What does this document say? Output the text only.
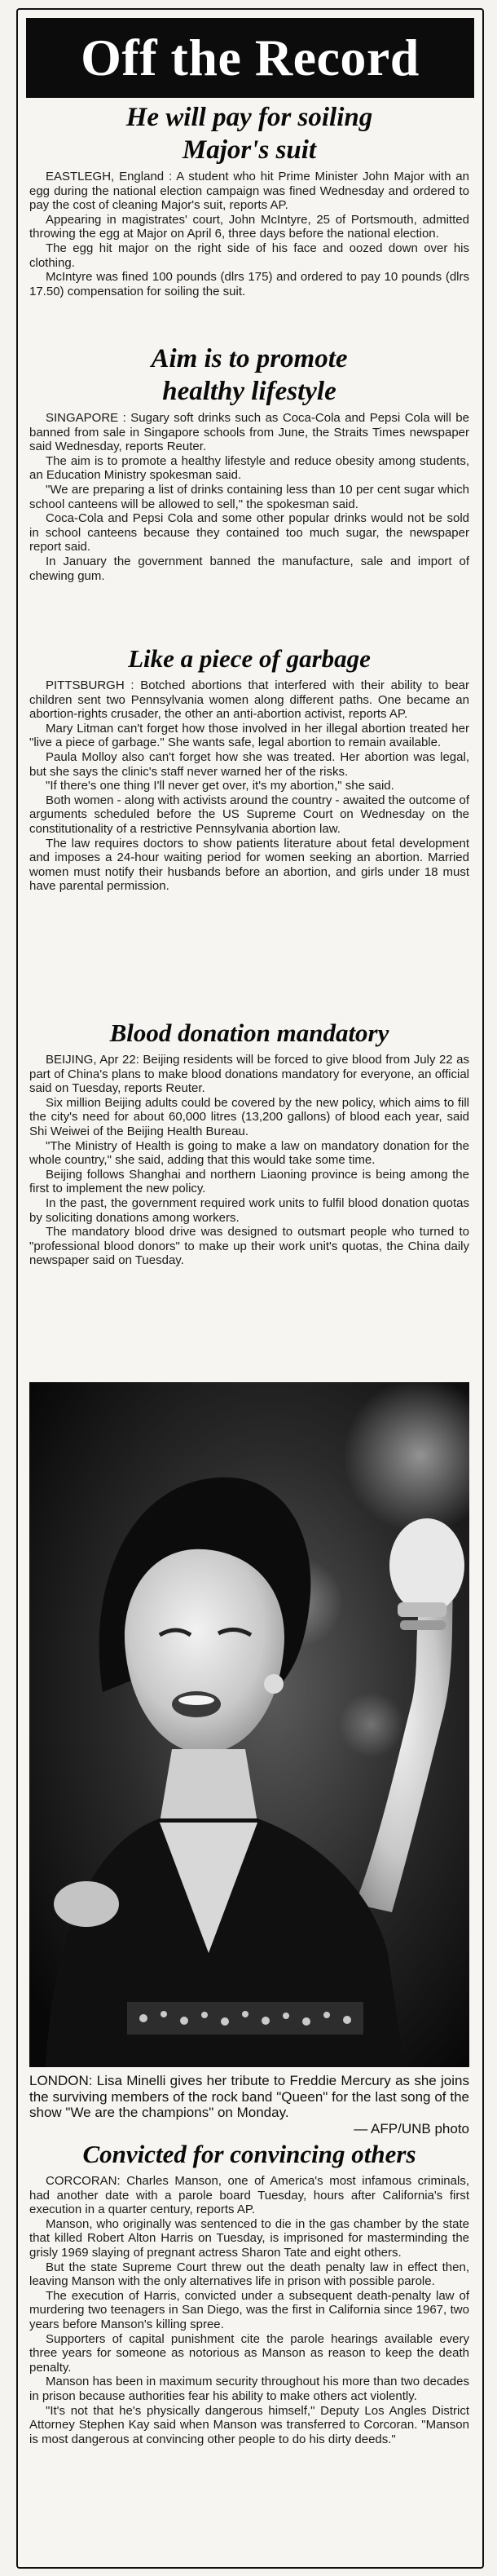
Off the Record
He will pay for soiling
Major's suit

EASTLEGH, England : A student who hit Prime Minister John Major with an egg during the national election campaign was fined Wednesday and ordered to pay the cost of cleaning Major's suit, reports AP.

Appearing in magistrates' court, John McIntyre, 25 of Portsmouth, admitted throwing the egg at Major on April 6, three days before the national election.

The egg hit major on the right side of his face and oozed down over his clothing.

McIntyre was fined 100 pounds (dlrs 175) and ordered to pay 10 pounds (dlrs 17.50) compensation for soiling the suit.

Aim is to promote
healthy lifestyle

SINGAPORE : Sugary soft drinks such as Coca-Cola and Pepsi Cola will be banned from sale in Singapore schools from June, the Straits Times newspaper said Wednesday, reports Reuter.

The aim is to promote a healthy lifestyle and reduce obesity among students, an Education Ministry spokesman said.

"We are preparing a list of drinks containing less than 10 per cent sugar which school canteens will be allowed to sell," the spokesman said.

Coca-Cola and Pepsi Cola and some other popular drinks would not be sold in school canteens because they contained too much sugar, the newspaper report said.

In January the government banned the manufacture, sale and import of chewing gum.

Like a piece of garbage

PITTSBURGH : Botched abortions that interfered with their ability to bear children sent two Pennsylvania women along different paths. One became an abortion-rights crusader, the other an anti-abortion activist, reports AP.

Mary Litman can't forget how those involved in her illegal abortion treated her "live a piece of garbage." She wants safe, legal abortion to remain available.

Paula Molloy also can't forget how she was treated. Her abortion was legal, but she says the clinic's staff never warned her of the risks.

"If there's one thing I'll never get over, it's my abortion," she said.

Both women - along with activists around the country - awaited the outcome of arguments scheduled before the US Supreme Court on Wednesday on the constitutionality of a restrictive Pennsylvania abortion law.

The law requires doctors to show patients literature about fetal development and imposes a 24-hour waiting period for women seeking an abortion. Married women must notify their husbands before an abortion, and girls under 18 must have parental permission.

Blood donation mandatory

BEIJING, Apr 22: Beijing residents will be forced to give blood from July 22 as part of China's plans to make blood donations mandatory for everyone, an official said on Tuesday, reports Reuter.

Six million Beijing adults could be covered by the new policy, which aims to fill the city's need for about 60,000 litres (13,200 gallons) of blood each year, said Shi Weiwei of the Beijing Health Bureau.

"The Ministry of Health is going to make a law on mandatory donation for the whole country," she said, adding that this would take some time.

Beijing follows Shanghai and northern Liaoning province is being among the first to implement the new policy.

In the past, the government required work units to fulfil blood donation quotas by soliciting donations among workers.

The mandatory blood drive was designed to outsmart people who turned to "professional blood donors" to make up their work unit's quotas, the China daily newspaper said on Tuesday.

LONDON: Lisa Minelli gives her tribute to Freddie Mercury as she joins the surviving members of the rock band "Queen" for the last song of the show "We are the champions" on Monday.
— AFP/UNB photo
Convicted for convincing others

CORCORAN: Charles Manson, one of America's most infamous criminals, had another date with a parole board Tuesday, hours after California's first execution in a quarter century, reports AP.

Manson, who originally was sentenced to die in the gas chamber by the state that killed Robert Alton Harris on Tuesday, is imprisoned for masterminding the grisly 1969 slaying of pregnant actress Sharon Tate and eight others.

But the state Supreme Court threw out the death penalty law in effect then, leaving Manson with the only alternatives life in prison with possible parole.

The execution of Harris, convicted under a subsequent death-penalty law of murdering two teenagers in San Diego, was the first in California since 1967, two years before Manson's killing spree.

Supporters of capital punishment cite the parole hearings available every three years for someone as notorious as Manson as reason to keep the death penalty.

Manson has been in maximum security throughout his more than two decades in prison because authorities fear his ability to make others act violently.

"It's not that he's physically dangerous himself," Deputy Los Angles District Attorney Stephen Kay said when Manson was transferred to Corcoran. "Manson is most dangerous at convincing other people to do his dirty deeds."
